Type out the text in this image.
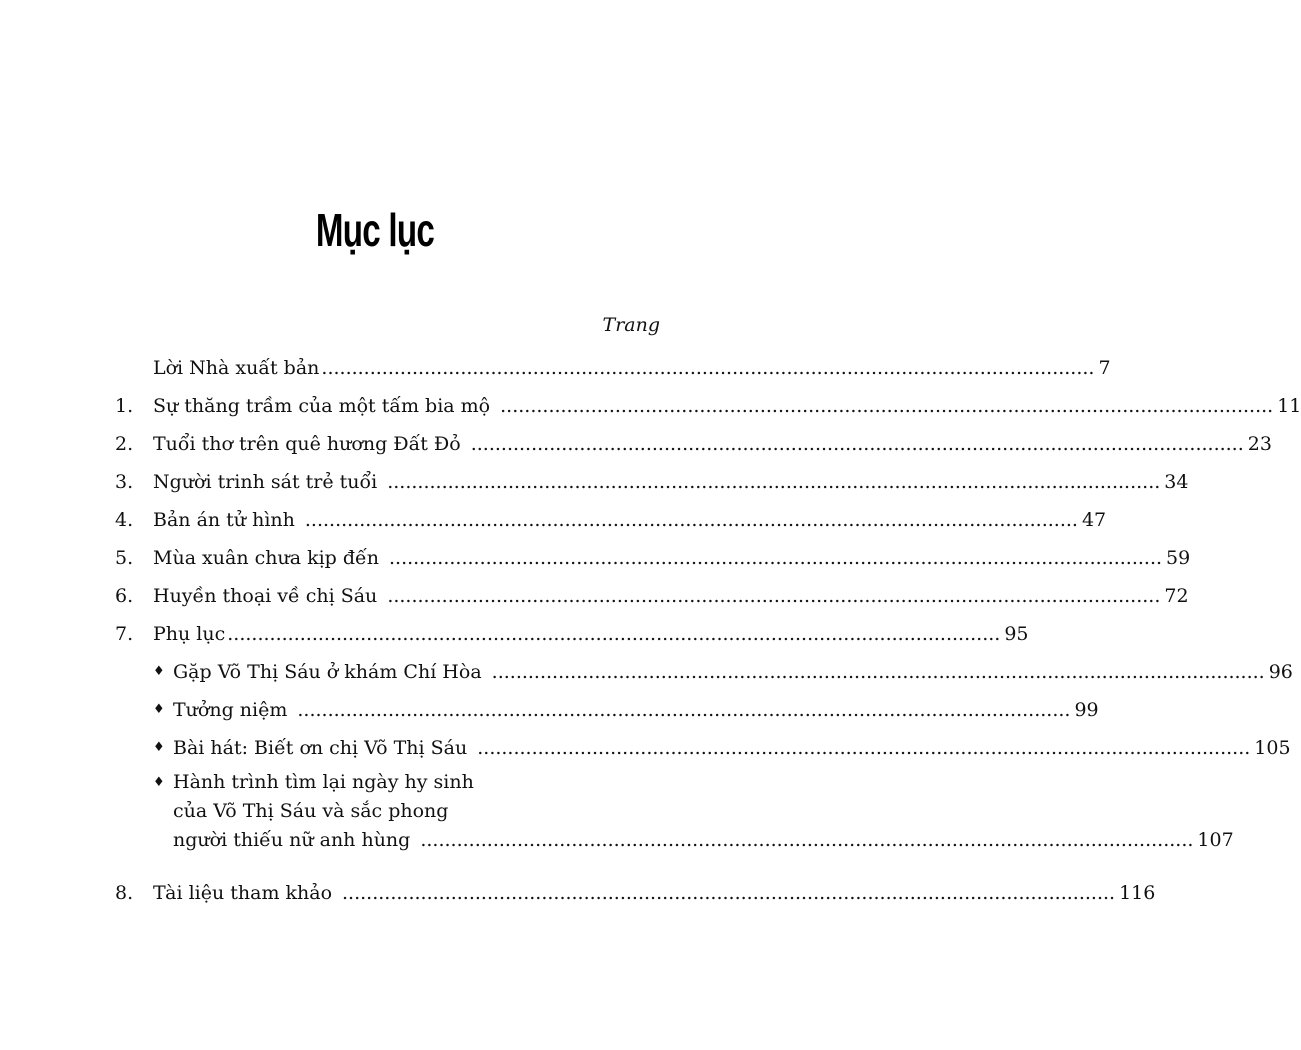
Mục lục
Trang
Lời Nhà xuất bản ................................................................................................................................ 7
1.	Sự thăng trầm của một tấm bia mộ ................................................................................................................................ 11
2.	Tuổi thơ trên quê hương Đất Đỏ ................................................................................................................................ 23
3.	Người trinh sát trẻ tuổi ................................................................................................................................ 34
4.	Bản án tử hình ................................................................................................................................ 47
5.	Mùa xuân chưa kịp đến ................................................................................................................................ 59
6.	Huyền thoại về chị Sáu ................................................................................................................................ 72
7.	Phụ lục ................................................................................................................................ 95
♦ Gặp Võ Thị Sáu ở khám Chí Hòa ................................................................................................................................ 96
♦ Tưởng niệm ................................................................................................................................ 99
♦ Bài hát: Biết ơn chị Võ Thị Sáu ................................................................................................................................ 105
♦ Hành trình tìm lại ngày hy sinh
của Võ Thị Sáu và sắc phong
người thiếu nữ anh hùng ................................................................................................................................ 107
8.	Tài liệu tham khảo ................................................................................................................................ 116
